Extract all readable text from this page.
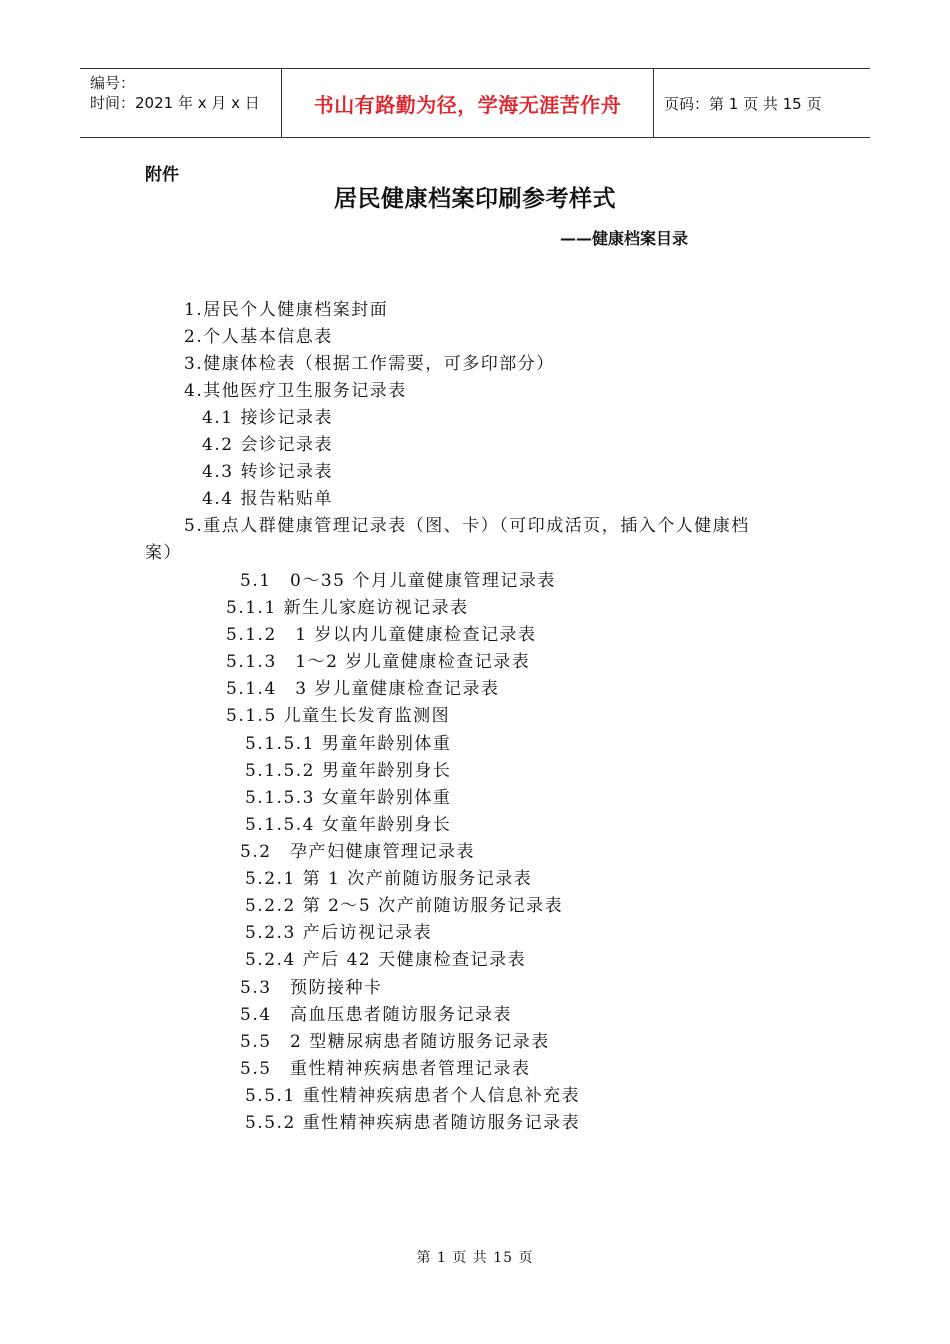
编号：
时间：2021 年 x 月 x 日	书山有路勤为径，学海无涯苦作舟	页码：第 1 页 共 15 页
附件
居民健康档案印刷参考样式
——健康档案目录
1.居民个人健康档案封面
2.个人基本信息表
3.健康体检表（根据工作需要，可多印部分）
4.其他医疗卫生服务记录表
4.1 接诊记录表
4.2 会诊记录表
4.3 转诊记录表
4.4 报告粘贴单
5.重点人群健康管理记录表（图、卡）（可印成活页，插入个人健康档
案）
5.1　0～35 个月儿童健康管理记录表
5.1.1 新生儿家庭访视记录表
5.1.2　1 岁以内儿童健康检查记录表
5.1.3　1～2 岁儿童健康检查记录表
5.1.4　3 岁儿童健康检查记录表
5.1.5 儿童生长发育监测图
5.1.5.1 男童年龄别体重
5.1.5.2 男童年龄别身长
5.1.5.3 女童年龄别体重
5.1.5.4 女童年龄别身长
5.2　孕产妇健康管理记录表
5.2.1 第 1 次产前随访服务记录表
5.2.2 第 2～5 次产前随访服务记录表
5.2.3 产后访视记录表
5.2.4 产后 42 天健康检查记录表
5.3　预防接种卡
5.4　高血压患者随访服务记录表
5.5　2 型糖尿病患者随访服务记录表
5.5　重性精神疾病患者管理记录表
5.5.1 重性精神疾病患者个人信息补充表
5.5.2 重性精神疾病患者随访服务记录表
第 1 页 共 15 页
